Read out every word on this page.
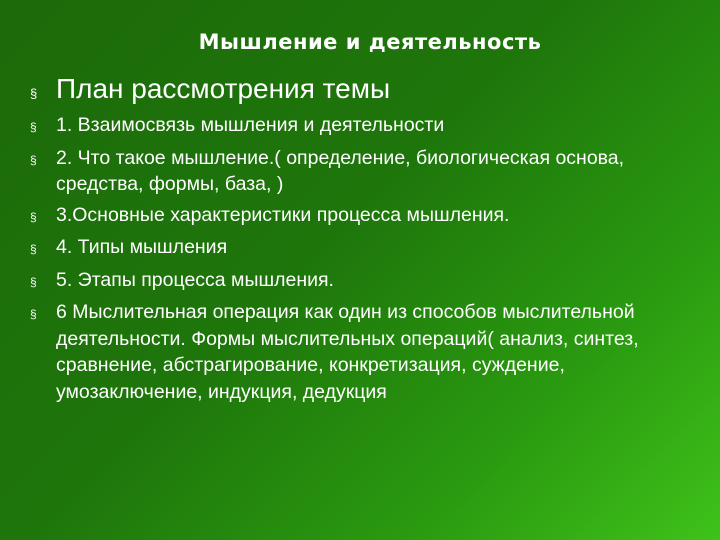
Мышление и деятельность
§ План рассмотрения темы
§ 1. Взаимосвязь мышления и деятельности
§ 2. Что такое мышление.( определение, биологическая основа, средства, формы, база, )
§ 3.Основные характеристики процесса мышления.
§ 4. Типы мышления
§ 5. Этапы процесса мышления.
§ 6 Мыслительная операция как один из способов мыслительной деятельности. Формы мыслительных операций( анализ, синтез, сравнение, абстрагирование, конкретизация, суждение, умозаключение, индукция, дедукция
